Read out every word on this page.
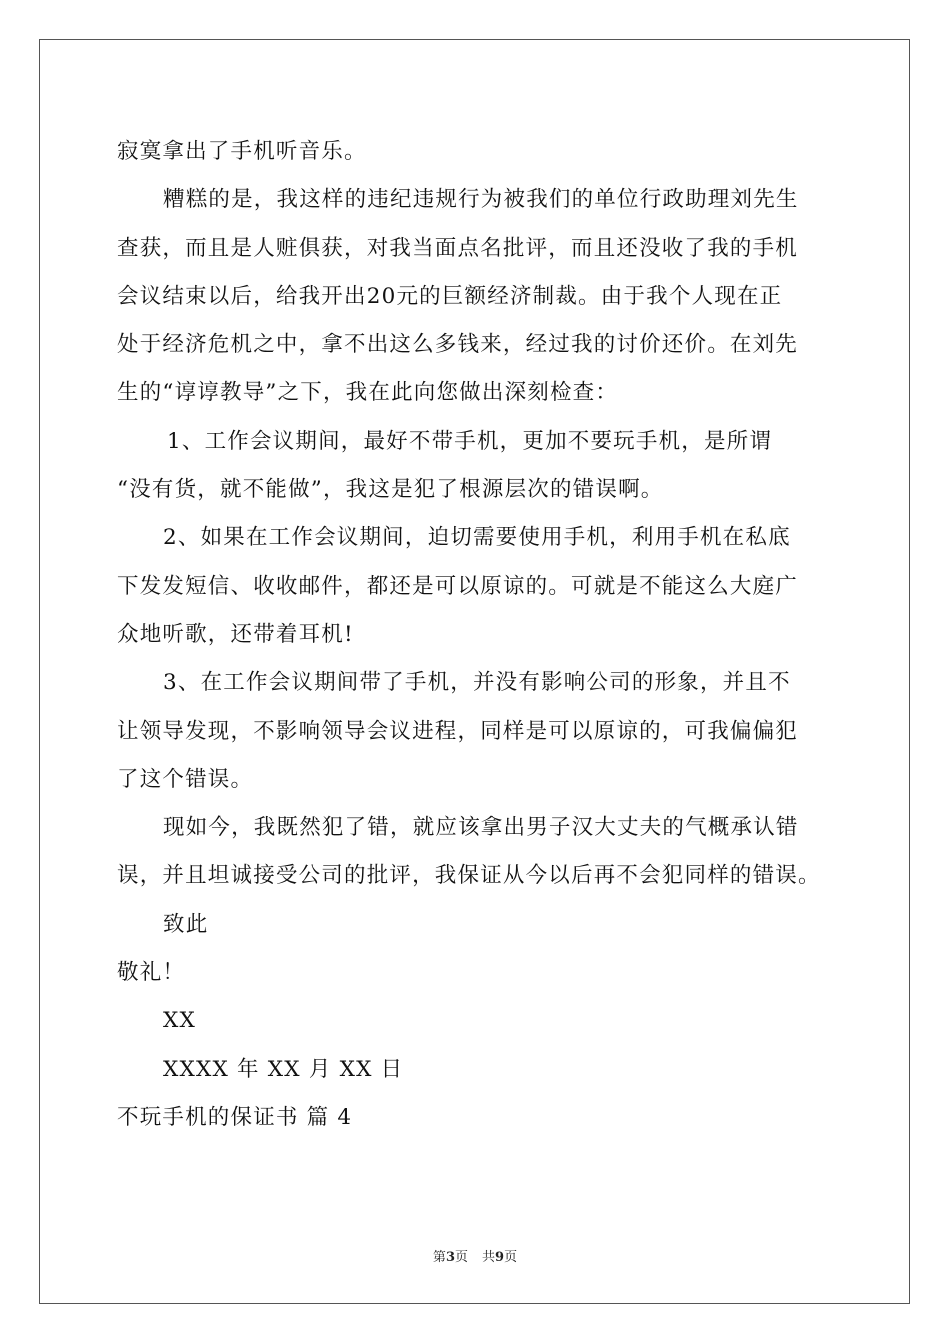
寂寞拿出了手机听音乐。
糟糕的是，我这样的违纪违规行为被我们的单位行政助理刘先生
查获，而且是人赃俱获，对我当面点名批评，而且还没收了我的手机
会议结束以后，给我开出20元的巨额经济制裁。由于我个人现在正
处于经济危机之中，拿不出这么多钱来，经过我的讨价还价。在刘先
生的“谆谆教导”之下，我在此向您做出深刻检查：
1、工作会议期间，最好不带手机，更加不要玩手机，是所谓
“没有货，就不能做”，我这是犯了根源层次的错误啊。
2、如果在工作会议期间，迫切需要使用手机，利用手机在私底
下发发短信、收收邮件，都还是可以原谅的。可就是不能这么大庭广
众地听歌，还带着耳机!
3、在工作会议期间带了手机，并没有影响公司的形象，并且不
让领导发现，不影响领导会议进程，同样是可以原谅的，可我偏偏犯
了这个错误。
现如今，我既然犯了错，就应该拿出男子汉大丈夫的气概承认错
误，并且坦诚接受公司的批评，我保证从今以后再不会犯同样的错误。
致此
敬礼！
XX
XXXX 年 XX 月 XX 日
不玩手机的保证书 篇 4
第3页 共9页
